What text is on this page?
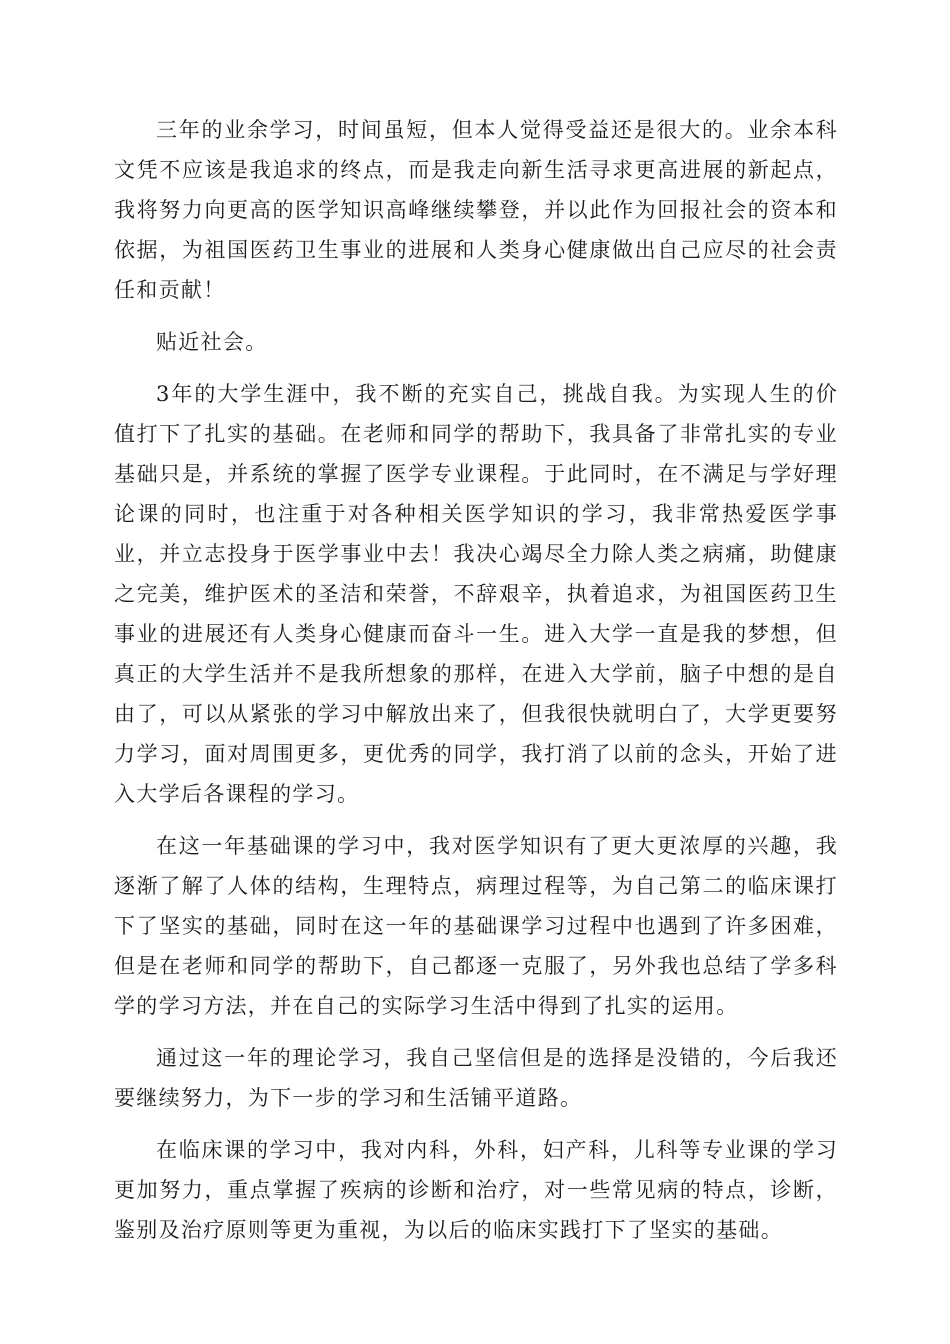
三年的业余学习，时间虽短，但本人觉得受益还是很大的。业余本科文凭不应该是我追求的终点，而是我走向新生活寻求更高进展的新起点，我将努力向更高的医学知识高峰继续攀登，并以此作为回报社会的资本和依据，为祖国医药卫生事业的进展和人类身心健康做出自己应尽的社会责任和贡献！

贴近社会。

3年的大学生涯中，我不断的充实自己，挑战自我。为实现人生的价值打下了扎实的基础。在老师和同学的帮助下，我具备了非常扎实的专业基础只是，并系统的掌握了医学专业课程。于此同时，在不满足与学好理论课的同时，也注重于对各种相关医学知识的学习，我非常热爱医学事业，并立志投身于医学事业中去！我决心竭尽全力除人类之病痛，助健康之完美，维护医术的圣洁和荣誉，不辞艰辛，执着追求，为祖国医药卫生事业的进展还有人类身心健康而奋斗一生。进入大学一直是我的梦想，但真正的大学生活并不是我所想象的那样，在进入大学前，脑子中想的是自由了，可以从紧张的学习中解放出来了，但我很快就明白了，大学更要努力学习，面对周围更多，更优秀的同学，我打消了以前的念头，开始了进入大学后各课程的学习。

在这一年基础课的学习中，我对医学知识有了更大更浓厚的兴趣，我逐渐了解了人体的结构，生理特点，病理过程等，为自己第二的临床课打下了坚实的基础，同时在这一年的基础课学习过程中也遇到了许多困难，但是在老师和同学的帮助下，自己都逐一克服了，另外我也总结了学多科学的学习方法，并在自己的实际学习生活中得到了扎实的运用。

通过这一年的理论学习，我自己坚信但是的选择是没错的，今后我还要继续努力，为下一步的学习和生活铺平道路。

在临床课的学习中，我对内科，外科，妇产科，儿科等专业课的学习更加努力，重点掌握了疾病的诊断和治疗，对一些常见病的特点，诊断，鉴别及治疗原则等更为重视，为以后的临床实践打下了坚实的基础。
